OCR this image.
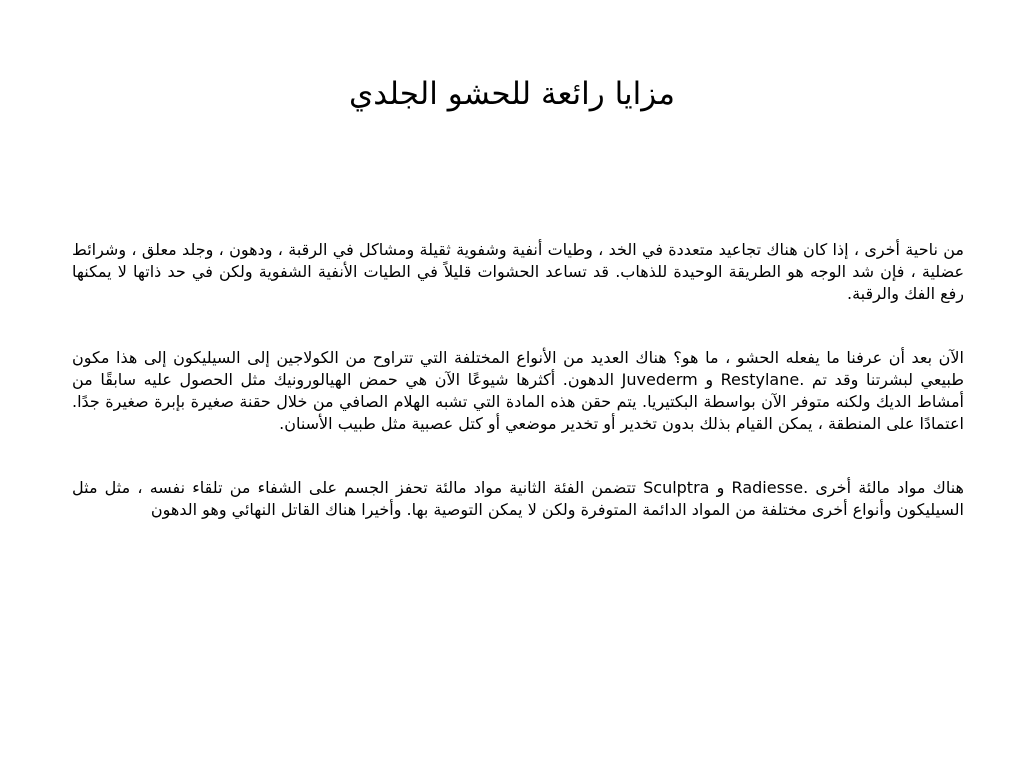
مزايا رائعة للحشو الجلدي

من ناحية أخرى ، إذا كان هناك تجاعيد متعددة في الخد ، وطيات أنفية وشفوية ثقيلة ومشاكل في الرقبة ، ودهون ، وجلد معلق ، وشرائط عضلية ، فإن شد الوجه هو الطريقة الوحيدة للذهاب. قد تساعد الحشوات قليلاً في الطيات الأنفية الشفوية ولكن في حد ذاتها لا يمكنها رفع الفك والرقبة.

الآن بعد أن عرفنا ما يفعله الحشو ، ما هو؟ هناك العديد من الأنواع المختلفة التي تتراوح من الكولاجين إلى السيليكون إلى هذا مكون طبيعي لبشرتنا وقد تم .Restylane و Juvederm الدهون. أكثرها شيوعًا الآن هي حمض الهيالورونيك مثل الحصول عليه سابقًا من أمشاط الديك ولكنه متوفر الآن بواسطة البكتيريا. يتم حقن هذه المادة التي تشبه الهلام الصافي من خلال حقنة صغيرة بإبرة صغيرة جدًا. اعتمادًا على المنطقة ، يمكن القيام بذلك بدون تخدير أو تخدير موضعي أو كتل عصبية مثل طبيب الأسنان.

هناك مواد مالئة أخرى .Radiesse و Sculptra تتضمن الفئة الثانية مواد مالئة تحفز الجسم على الشفاء من تلقاء نفسه ، مثل مثل السيليكون وأنواع أخرى مختلفة من المواد الدائمة المتوفرة ولكن لا يمكن التوصية بها. وأخيرا هناك القاتل النهائي وهو الدهون
